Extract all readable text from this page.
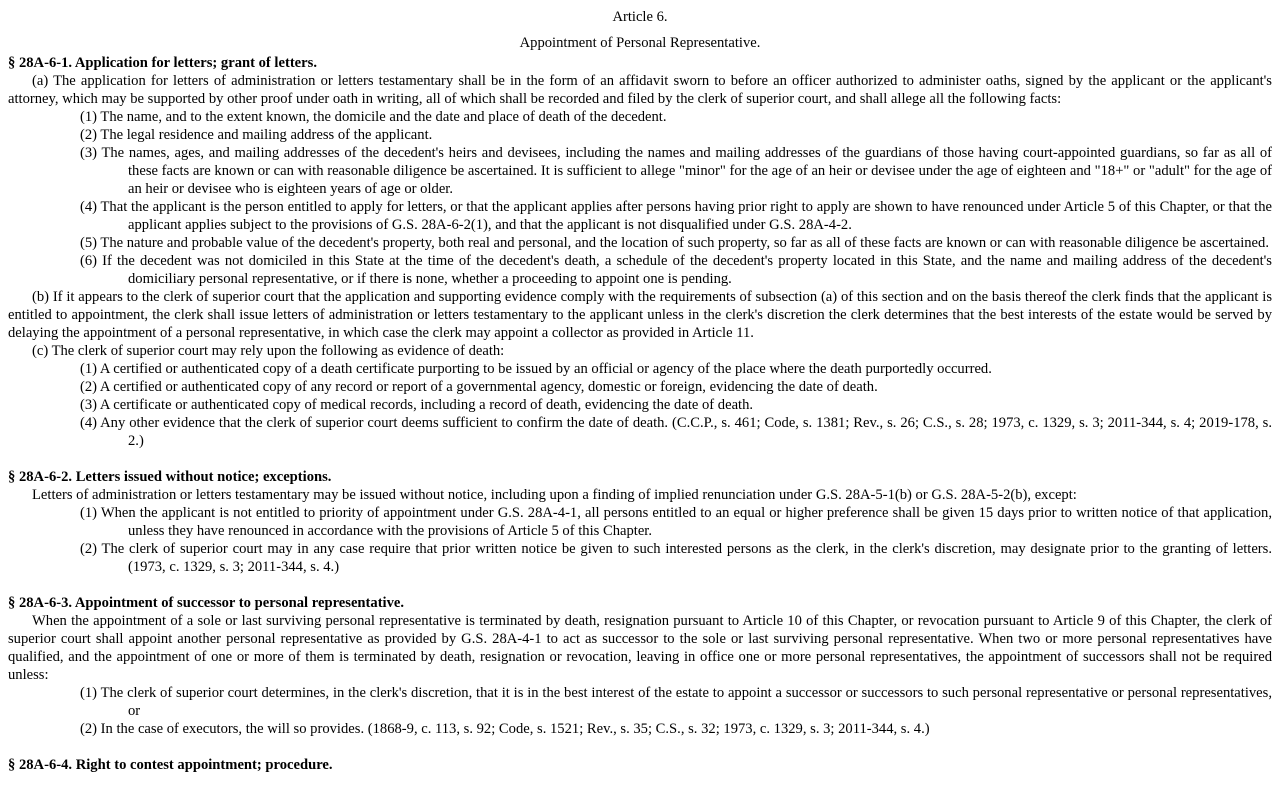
Article 6.

Appointment of Personal Representative.

§ 28A-6-1. Application for letters; grant of letters.

(a) The application for letters of administration or letters testamentary shall be in the form of an affidavit sworn to before an officer authorized to administer oaths, signed by the applicant or the applicant's attorney, which may be supported by other proof under oath in writing, all of which shall be recorded and filed by the clerk of superior court, and shall allege all the following facts:

(1) The name, and to the extent known, the domicile and the date and place of death of the decedent.

(2) The legal residence and mailing address of the applicant.

(3) The names, ages, and mailing addresses of the decedent's heirs and devisees, including the names and mailing addresses of the guardians of those having court-appointed guardians, so far as all of these facts are known or can with reasonable diligence be ascertained. It is sufficient to allege "minor" for the age of an heir or devisee under the age of eighteen and "18+" or "adult" for the age of an heir or devisee who is eighteen years of age or older.

(4) That the applicant is the person entitled to apply for letters, or that the applicant applies after persons having prior right to apply are shown to have renounced under Article 5 of this Chapter, or that the applicant applies subject to the provisions of G.S. 28A-6-2(1), and that the applicant is not disqualified under G.S. 28A-4-2.

(5) The nature and probable value of the decedent's property, both real and personal, and the location of such property, so far as all of these facts are known or can with reasonable diligence be ascertained.

(6) If the decedent was not domiciled in this State at the time of the decedent's death, a schedule of the decedent's property located in this State, and the name and mailing address of the decedent's domiciliary personal representative, or if there is none, whether a proceeding to appoint one is pending.

(b) If it appears to the clerk of superior court that the application and supporting evidence comply with the requirements of subsection (a) of this section and on the basis thereof the clerk finds that the applicant is entitled to appointment, the clerk shall issue letters of administration or letters testamentary to the applicant unless in the clerk's discretion the clerk determines that the best interests of the estate would be served by delaying the appointment of a personal representative, in which case the clerk may appoint a collector as provided in Article 11.

(c) The clerk of superior court may rely upon the following as evidence of death:

(1) A certified or authenticated copy of a death certificate purporting to be issued by an official or agency of the place where the death purportedly occurred.

(2) A certified or authenticated copy of any record or report of a governmental agency, domestic or foreign, evidencing the date of death.

(3) A certificate or authenticated copy of medical records, including a record of death, evidencing the date of death.

(4) Any other evidence that the clerk of superior court deems sufficient to confirm the date of death. (C.C.P., s. 461; Code, s. 1381; Rev., s. 26; C.S., s. 28; 1973, c. 1329, s. 3; 2011-344, s. 4; 2019-178, s. 2.)

§ 28A-6-2. Letters issued without notice; exceptions.

Letters of administration or letters testamentary may be issued without notice, including upon a finding of implied renunciation under G.S. 28A-5-1(b) or G.S. 28A-5-2(b), except:

(1) When the applicant is not entitled to priority of appointment under G.S. 28A-4-1, all persons entitled to an equal or higher preference shall be given 15 days prior to written notice of that application, unless they have renounced in accordance with the provisions of Article 5 of this Chapter.

(2) The clerk of superior court may in any case require that prior written notice be given to such interested persons as the clerk, in the clerk's discretion, may designate prior to the granting of letters. (1973, c. 1329, s. 3; 2011-344, s. 4.)

§ 28A-6-3. Appointment of successor to personal representative.

When the appointment of a sole or last surviving personal representative is terminated by death, resignation pursuant to Article 10 of this Chapter, or revocation pursuant to Article 9 of this Chapter, the clerk of superior court shall appoint another personal representative as provided by G.S. 28A-4-1 to act as successor to the sole or last surviving personal representative. When two or more personal representatives have qualified, and the appointment of one or more of them is terminated by death, resignation or revocation, leaving in office one or more personal representatives, the appointment of successors shall not be required unless:

(1) The clerk of superior court determines, in the clerk's discretion, that it is in the best interest of the estate to appoint a successor or successors to such personal representative or personal representatives, or

(2) In the case of executors, the will so provides. (1868-9, c. 113, s. 92; Code, s. 1521; Rev., s. 35; C.S., s. 32; 1973, c. 1329, s. 3; 2011-344, s. 4.)

§ 28A-6-4. Right to contest appointment; procedure.
